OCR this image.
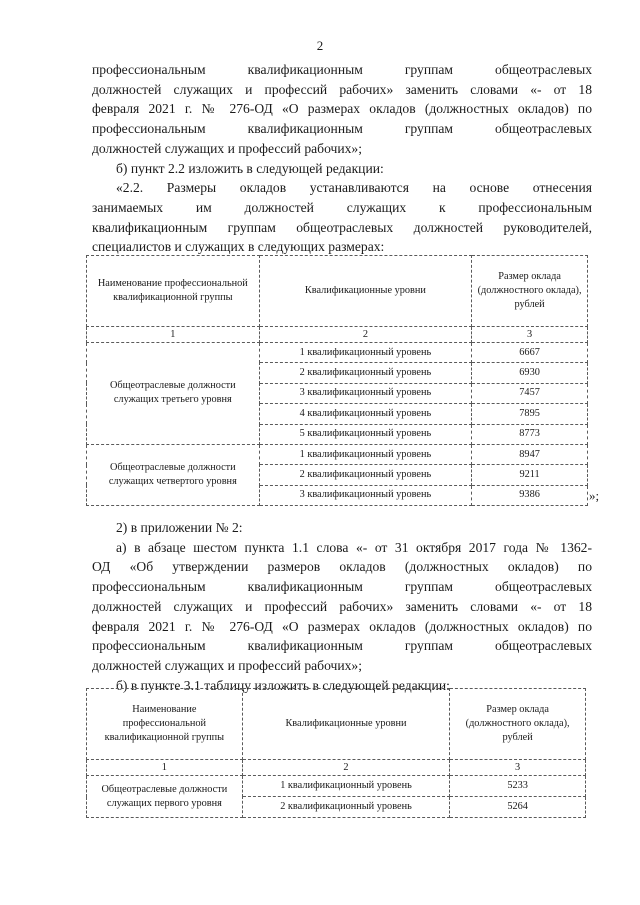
2

профессиональным квалификационным группам общеотраслевых

должностей служащих и профессий рабочих» заменить словами «- от 18

февраля 2021 г. № 276-ОД «О размерах окладов (должностных окладов) по

профессиональным квалификационным группам общеотраслевых

должностей служащих и профессий рабочих»;

б) пункт 2.2 изложить в следующей редакции:

«2.2. Размеры окладов устанавливаются на основе отнесения

занимаемых им должностей служащих к профессиональным

квалификационным группам общеотраслевых должностей руководителей,

специалистов и служащих в следующих размерах:

Наименование профессиональной квалификационной группы	Квалификационные уровни	Размер оклада (должностного оклада), рублей
1	2	3
Общеотраслевые должности служащих третьего уровня	1 квалификационный уровень	6667
	2 квалификационный уровень	6930
	3 квалификационный уровень	7457
	4 квалификационный уровень	7895
	5 квалификационный уровень	8773
Общеотраслевые должности служащих четвертого уровня	1 квалификационный уровень	8947
	2 квалификационный уровень	9211
	3 квалификационный уровень	9386	»;

2) в приложении № 2:

а) в абзаце шестом пункта 1.1 слова «- от 31 октября 2017 года № 1362-

ОД «Об утверждении размеров окладов (должностных окладов) по

профессиональным квалификационным группам общеотраслевых

должностей служащих и профессий рабочих» заменить словами «- от 18

февраля 2021 г. № 276-ОД «О размерах окладов (должностных окладов) по

профессиональным квалификационным группам общеотраслевых

должностей служащих и профессий рабочих»;

б) в пункте 3.1 таблицу изложить в следующей редакции:

Наименование профессиональной квалификационной группы	Квалификационные уровни	Размер оклада (должностного оклада), рублей
1	2	3
Общеотраслевые должности служащих первого уровня	1 квалификационный уровень	5233
	2 квалификационный уровень	5264
